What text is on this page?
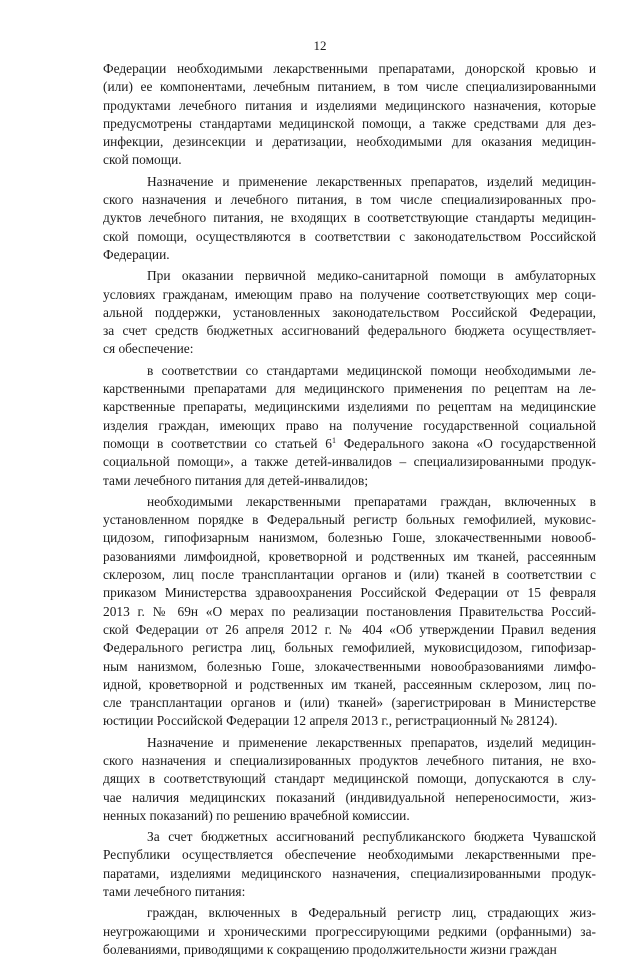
12
Федерации необходимыми лекарственными препаратами, донорской кровью и
(или) ее компонентами, лечебным питанием, в том числе специализированными
продуктами лечебного питания и изделиями медицинского назначения, которые
предусмотрены стандартами медицинской помощи, а также средствами для дез-
инфекции, дезинсекции и дератизации, необходимыми для оказания медицин-
ской помощи.
Назначение и применение лекарственных препаратов, изделий медицин-
ского назначения и лечебного питания, в том числе специализированных про-
дуктов лечебного питания, не входящих в соответствующие стандарты медицин-
ской помощи, осуществляются в соответствии с законодательством Российской
Федерации.
При оказании первичной медико-санитарной помощи в амбулаторных
условиях гражданам, имеющим право на получение соответствующих мер соци-
альной поддержки, установленных законодательством Российской Федерации,
за счет средств бюджетных ассигнований федерального бюджета осуществляет-
ся обеспечение:
в соответствии со стандартами медицинской помощи необходимыми ле-
карственными препаратами для медицинского применения по рецептам на ле-
карственные препараты, медицинскими изделиями по рецептам на медицинские
изделия граждан, имеющих право на получение государственной социальной
помощи в соответствии со статьей $6^1$ Федерального закона «О государственной
социальной помощи», а также детей-инвалидов – специализированными продук-
тами лечебного питания для детей-инвалидов;
необходимыми лекарственными препаратами граждан, включенных в
установленном порядке в Федеральный регистр больных гемофилией, муковис-
цидозом, гипофизарным нанизмом, болезнью Гоше, злокачественными новооб-
разованиями лимфоидной, кроветворной и родственных им тканей, рассеянным
склерозом, лиц после трансплантации органов и (или) тканей в соответствии с
приказом Министерства здравоохранения Российской Федерации от 15 февраля
2013 г. № 69н «О мерах по реализации постановления Правительства Россий-
ской Федерации от 26 апреля 2012 г. № 404 «Об утверждении Правил ведения
Федерального регистра лиц, больных гемофилией, муковисцидозом, гипофизар-
ным нанизмом, болезнью Гоше, злокачественными новообразованиями лимфо-
идной, кроветворной и родственных им тканей, рассеянным склерозом, лиц по-
сле трансплантации органов и (или) тканей» (зарегистрирован в Министерстве
юстиции Российской Федерации 12 апреля 2013 г., регистрационный № 28124).
Назначение и применение лекарственных препаратов, изделий медицин-
ского назначения и специализированных продуктов лечебного питания, не вхо-
дящих в соответствующий стандарт медицинской помощи, допускаются в слу-
чае наличия медицинских показаний (индивидуальной непереносимости, жиз-
ненных показаний) по решению врачебной комиссии.
За счет бюджетных ассигнований республиканского бюджета Чувашской
Республики осуществляется обеспечение необходимыми лекарственными пре-
паратами, изделиями медицинского назначения, специализированными продук-
тами лечебного питания:
граждан, включенных в Федеральный регистр лиц, страдающих жиз-
неугрожающими и хроническими прогрессирующими редкими (орфанными) за-
болеваниями, приводящими к сокращению продолжительности жизни граждан
